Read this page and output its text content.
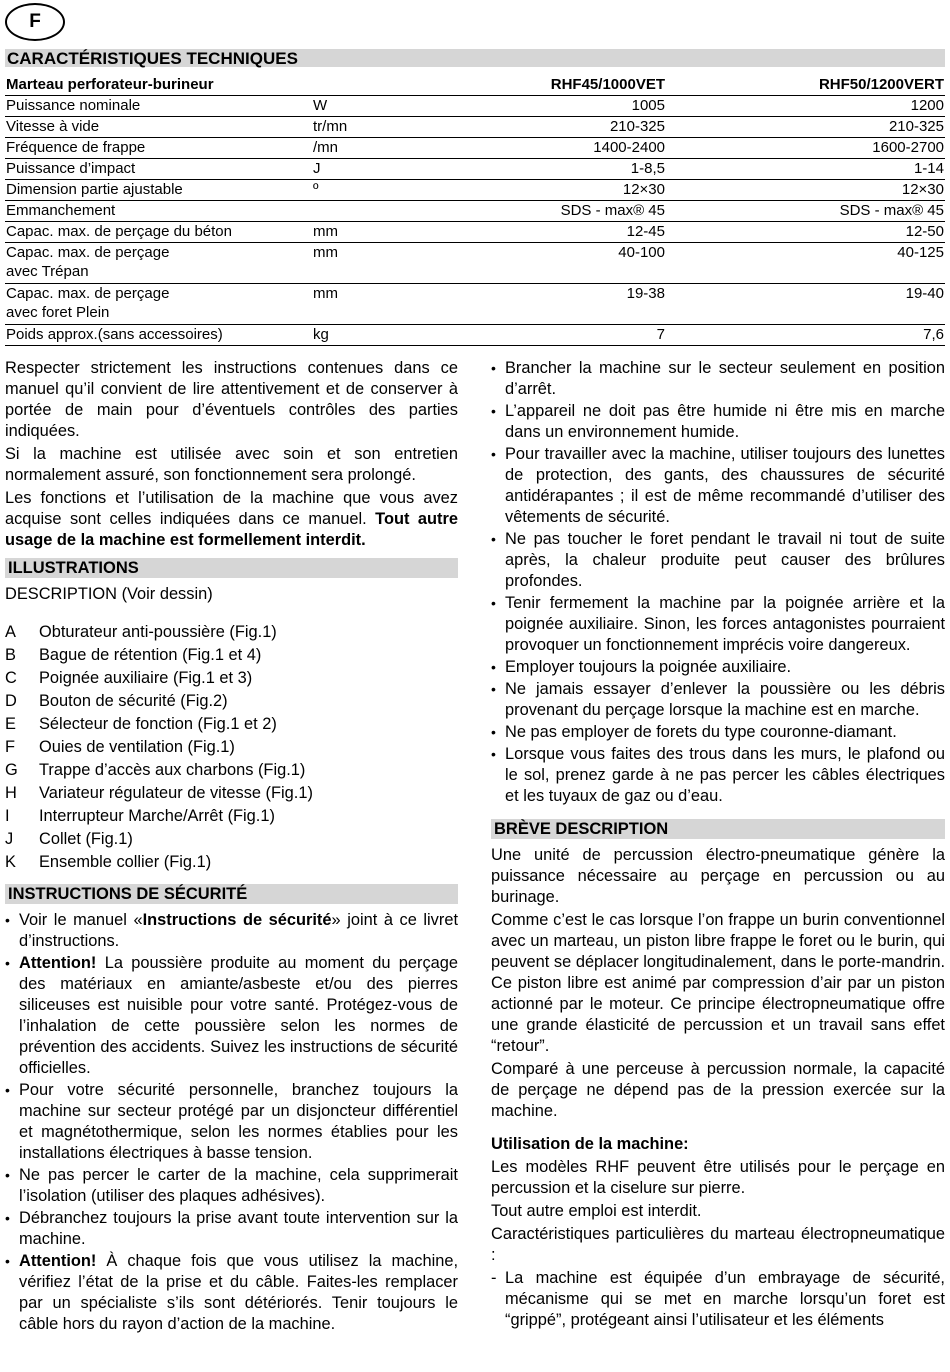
F
CARACTÉRISTIQUES TECHNIQUES
Marteau perforateur-burineur		RHF45/1000VET	RHF50/1200VERT
Puissance nominale	W	1005	1200
Vitesse à vide	tr/mn	210-325	210-325
Fréquence de frappe	/mn	1400-2400	1600-2700
Puissance d’impact	J	1-8,5	1-14
Dimension partie ajustable	º	12×30	12×30
Emmanchement		SDS - max® 45	SDS - max® 45
Capac. max. de perçage du béton	mm	12-45	12-50
Capac. max. de perçage
avec Trépan	mm	40-100	40-125
Capac. max. de perçage
avec foret Plein	mm	19-38	19-40
Poids approx.(sans accessoires)	kg	7	7,6

Respecter strictement les instructions contenues dans ce manuel qu’il convient de lire attentivement et de conserver à portée de main pour d’éventuels contrôles des parties indiquées.

Si la machine est utilisée avec soin et son entretien normalement assuré, son fonctionnement sera prolongé.

Les fonctions et l’utilisation de la machine que vous avez acquise sont celles indiquées dans ce manuel. Tout autre usage de la machine est formellement interdit.

ILLUSTRATIONS
DESCRIPTION (Voir dessin)
A	Obturateur anti-poussière (Fig.1)
B	Bague de rétention (Fig.1 et 4)
C	Poignée auxiliaire (Fig.1 et 3)
D	Bouton de sécurité (Fig.2)
E	Sélecteur de fonction (Fig.1 et 2)
F	Ouies de ventilation (Fig.1)
G	Trappe d’accès aux charbons (Fig.1)
H	Variateur régulateur de vitesse (Fig.1)
I	Interrupteur Marche/Arrêt (Fig.1)
J	Collet (Fig.1)
K	Ensemble collier (Fig.1)
INSTRUCTIONS DE SÉCURITÉ
• Voir le manuel «Instructions de sécurité» joint à ce livret d’instructions.
• Attention! La poussière produite au moment du perçage des matériaux en amiante/asbeste et/ou des pierres siliceuses est nuisible pour votre santé. Protégez-vous de l’inhalation de cette poussière selon les normes de prévention des accidents. Suivez les instructions de sécurité officielles.
• Pour votre sécurité personnelle, branchez toujours la machine sur secteur protégé par un disjoncteur différentiel et magnétothermique, selon les normes établies pour les installations électriques à basse tension.
• Ne pas percer le carter de la machine, cela supprimerait l’isolation (utiliser des plaques adhésives).
• Débranchez toujours la prise avant toute intervention sur la machine.
• Attention! À chaque fois que vous utilisez la machine, vérifiez l’état de la prise et du câble. Faites-les remplacer par un spécialiste s’ils sont détériorés. Tenir toujours le câble hors du rayon d’action de la machine.
• Brancher la machine sur le secteur seulement en position d’arrêt.
• L’appareil ne doit pas être humide ni être mis en marche dans un environnement humide.
• Pour travailler avec la machine, utiliser toujours des lunettes de protection, des gants, des chaussures de sécurité antidérapantes ; il est de même recommandé d’utiliser des vêtements de sécurité.
• Ne pas toucher le foret pendant le travail ni tout de suite après, la chaleur produite peut causer des brûlures profondes.
• Tenir fermement la machine par la poignée arrière et la poignée auxiliaire. Sinon, les forces antagonistes pourraient provoquer un fonctionnement imprécis voire dangereux.
• Employer toujours la poignée auxiliaire.
• Ne jamais essayer d’enlever la poussière ou les débris provenant du perçage lorsque la machine est en marche.
• Ne pas employer de forets du type couronne-diamant.
• Lorsque vous faites des trous dans les murs, le plafond ou le sol, prenez garde à ne pas percer les câbles électriques et les tuyaux de gaz ou d’eau.
BRÈVE DESCRIPTION

Une unité de percussion électro-pneumatique génère la puissance nécessaire au perçage en percussion ou au burinage.

Comme c’est le cas lorsque l’on frappe un burin conventionnel avec un marteau, un piston libre frappe le foret ou le burin, qui peuvent se déplacer longitudinalement, dans le porte-mandrin. Ce piston libre est animé par compression d’air par un piston actionné par le moteur. Ce principe électropneumatique offre une grande élasticité de percussion et un travail sans effet “retour”.

Comparé à une perceuse à percussion normale, la capacité de perçage ne dépend pas de la pression exercée sur la machine.

Utilisation de la machine:

Les modèles RHF peuvent être utilisés pour le perçage en percussion et la ciselure sur pierre.

Tout autre emploi est interdit.

Caractéristiques particulières du marteau électropneumatique :

- La machine est équipée d’un embrayage de sécurité, mécanisme qui se met en marche lorsqu’un foret est “grippé”, protégeant ainsi l’utilisateur et les éléments
